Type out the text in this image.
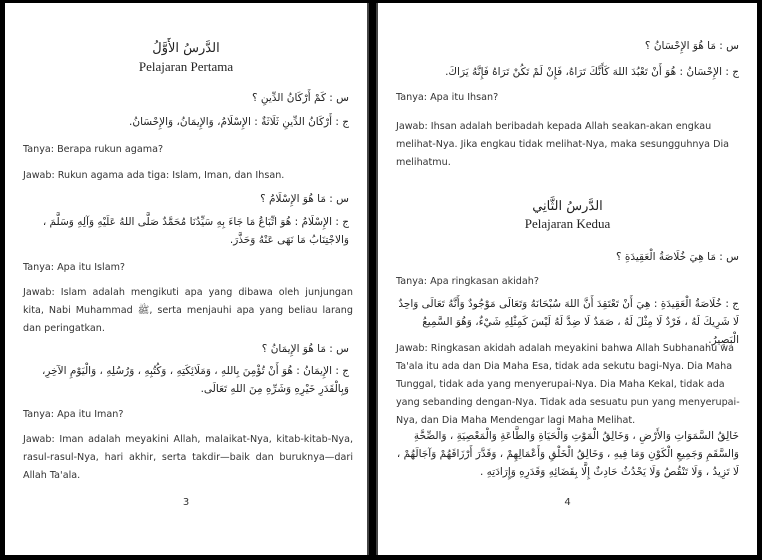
الدَّرسُ الأَوَّلُ
Pelajaran Pertama
س : كَمْ أَرْكَانُ الدِّينِ ؟
ج : أَرْكَانُ الدِّينِ ثَلَاثَةٌ : الإِسْلَامُ، وَالإِيمَانُ، وَالإِحْسَانُ.
Tanya: Berapa rukun agama?
Jawab: Rukun agama ada tiga: Islam, Iman, dan Ihsan.
س : مَا هُوَ الإِسْلَامُ ؟
ج : الإِسْلَامُ : هُوَ اتِّبَاعُ مَا جَاءَ بِهِ سَيِّدُنَا مُحَمَّدٌ صَلَّى اللهُ عَلَيْهِ وَآلِهِ وَسَلَّمَ ، وَالاجْتِنَابُ مَا نَهَى عَنْهُ وَحَذَّرَ.
Tanya: Apa itu Islam?
Jawab: Islam adalah mengikuti apa yang dibawa oleh junjungan kita, Nabi Muhammad ﷺ, serta menjauhi apa yang beliau larang dan peringatkan.
س : مَا هُوَ الإِيمَانُ ؟
ج : الإِيمَانُ : هُوَ أَنْ تُؤْمِنَ بِاللهِ ، وَمَلَائِكَتِهِ ، وَكُتُبِهِ ، وَرُسُلِهِ ، وَالْيَوْمِ الآخِرِ، وَبِالْقَدَرِ خَيْرِهِ وَشَرِّهِ مِنَ اللهِ تَعَالَى.
Tanya: Apa itu Iman?
Jawab: Iman adalah meyakini Allah, malaikat-Nya, kitab-kitab-Nya, rasul-rasul-Nya, hari akhir, serta takdir—baik dan buruknya—dari Allah Ta'ala.
3
س : مَا هُوَ الإِحْسَانُ ؟
ج : الإِحْسَانُ : هُوَ أَنْ تَعْبُدَ اللهَ كَأَنَّكَ تَرَاهُ، فَإِنْ لَمْ تَكُنْ تَرَاهُ فَإِنَّهُ يَرَاكَ.
Tanya: Apa itu Ihsan?
Jawab: Ihsan adalah beribadah kepada Allah seakan-akan engkau melihat-Nya. Jika engkau tidak melihat-Nya, maka sesungguhnya Dia melihatmu.
الدَّرسُ الثَّانِي
Pelajaran Kedua
س : مَا هِيَ خُلَاصَةُ الْعَقِيدَةِ ؟
Tanya: Apa ringkasan akidah?
ج : خُلَاصَةُ الْعَقِيدَةِ : هِيَ أَنْ تَعْتَقِدَ أَنَّ اللهَ سُبْحَانَهُ وَتَعَالَى مَوْجُودٌ وَأَنَّهُ تَعَالَى وَاحِدٌ لَا شَرِيكَ لَهُ ، فَرْدٌ لَا مِثْلَ لَهُ ، صَمَدٌ لَا ضِدَّ لَهُ لَيْسَ كَمِثْلِهِ شَيْءٌ، وَهُوَ السَّمِيعُ الْبَصِيرُ.
Jawab: Ringkasan akidah adalah meyakini bahwa Allah Subhanahu wa Ta'ala itu ada dan Dia Maha Esa, tidak ada sekutu bagi-Nya. Dia Maha Tunggal, tidak ada yang menyerupai-Nya. Dia Maha Kekal, tidak ada yang sebanding dengan-Nya. Tidak ada sesuatu pun yang menyerupai-Nya, dan Dia Maha Mendengar lagi Maha Melihat.
خَالِقُ السَّمَوَاتِ وَالأَرْضِ ، وَخَالِقُ الْمَوْتِ وَالْحَيَاةِ وَالطَّاعَةِ وَالْمَعْصِيَةِ ، وَالصِّحَّةِ وَالسَّقَمِ وَجَمِيعِ الْكَوْنِ وَمَا فِيهِ ، وَخَالِقُ الْخَلْقِ وَأَعْمَالِهِمْ ، وَقَدَّرَ أَرْزَاقَهُمْ وَآجَالَهُمْ ، لَا تَزِيدُ ، وَلَا تَنْقُصُ وَلَا يَحْدُثُ حَادِثٌ إِلَّا بِقَضَائِهِ وَقَدَرِهِ وَإِرَادَتِهِ .
4
